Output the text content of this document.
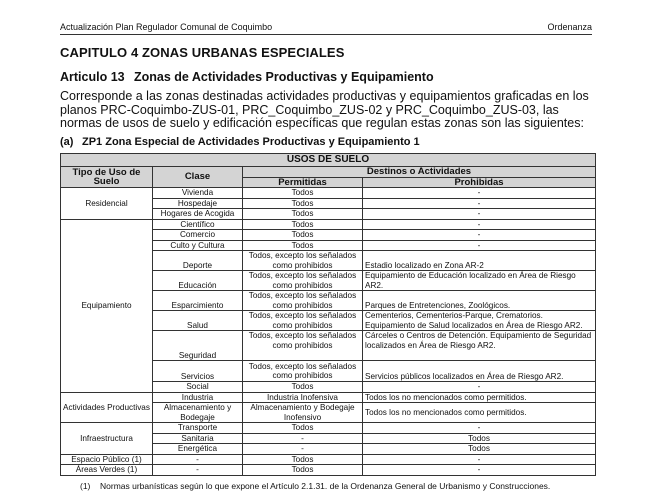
Actualización Plan Regulador Comunal de Coquimbo	Ordenanza
CAPITULO 4 ZONAS URBANAS ESPECIALES
Articulo 13 Zonas de Actividades Productivas y Equipamiento
Corresponde a las zonas destinadas actividades productivas y equipamientos graficadas en los planos PRC-Coquimbo-ZUS-01, PRC_Coquimbo_ZUS-02 y PRC_Coquimbo_ZUS-03, las normas de usos de suelo y edificación específicas que regulan estas zonas son las siguientes:
(a) ZP1 Zona Especial de Actividades Productivas y Equipamiento 1
USOS DE SUELO			
Tipo de Uso de Suelo	Clase	Destinos o Actividades	
		Permitidas	Prohibidas
Residencial	Vivienda	Todos	-
	Hospedaje	Todos	-
	Hogares de Acogida	Todos	-
Equipamiento	Científico	Todos	-
	Comercio	Todos	-
	Culto y Cultura	Todos	-
	Deporte	Todos, excepto los señalados como prohibidos	Estadio localizado en Zona AR-2
	Educación	Todos, excepto los señalados como prohibidos	Equipamiento de Educación localizado en Área de Riesgo AR2.
	Esparcimiento	Todos, excepto los señalados como prohibidos	Parques de Entretenciones, Zoológicos.
	Salud	Todos, excepto los señalados como prohibidos	Cementerios, Cementerios-Parque, Crematorios. Equipamiento de Salud localizados en Área de Riesgo AR2.
	Seguridad	Todos, excepto los señalados como prohibidos	Cárceles o Centros de Detención. Equipamiento de Seguridad localizados en Área de Riesgo AR2.
	Servicios	Todos, excepto los señalados como prohibidos	Servicios públicos localizados en Área de Riesgo AR2.
	Social	Todos	-
Actividades Productivas	Industria	Industria Inofensiva	Todos los no mencionados como permitidos.
	Almacenamiento y Bodegaje	Almacenamiento y Bodegaje Inofensivo	Todos los no mencionados como permitidos.
Infraestructura	Transporte	Todos	-
	Sanitaria	-	Todos
	Energética	-	Todos
Espacio Público (1)	-	Todos	-
Áreas Verdes (1)	-	Todos	-
(1) Normas urbanísticas según lo que expone el Artículo 2.1.31. de la Ordenanza General de Urbanismo y Construcciones.
